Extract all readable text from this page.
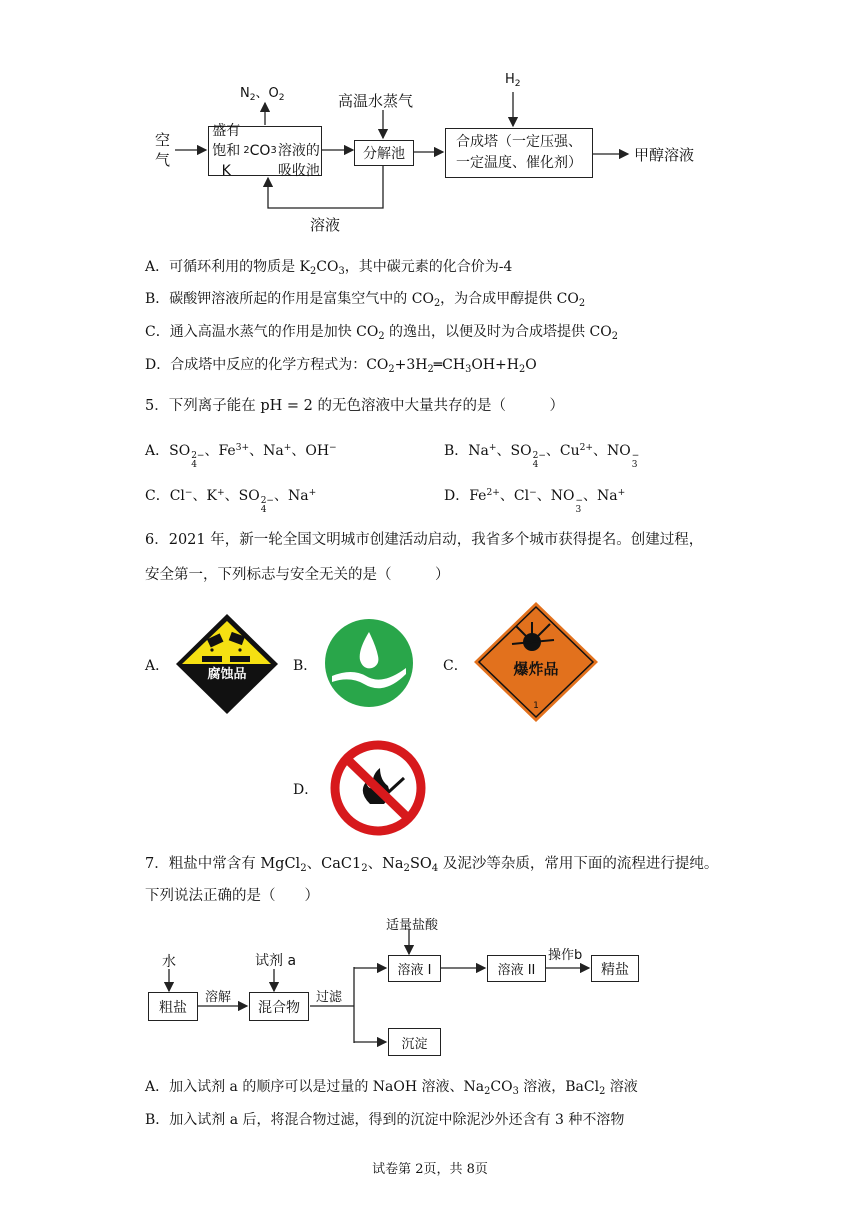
空
气
$N_2$、$O_2$
盛有饱和K
2 CO 3 溶液的吸收池
高温水蒸气
分解池
$H_2$
合成塔（一定压强、
一定温度、催化剂）	甲醇溶液
溶液
A．可循环利用的物质是 $K_2CO_3$，其中碳元素的化合价为-4
B．碳酸钾溶液所起的作用是富集空气中的 $CO_2$，为合成甲醇提供 $CO_2$
C．通入高温水蒸气的作用是加快 $CO_2$ 的逸出，以便及时为合成塔提供 $CO_2$
D．合成塔中反应的化学方程式为：$CO_2+3H_2═CH_3OH+H_2O$
5．下列离子能在 pH = 2 的无色溶液中大量共存的是（　　　）
A．SO 2−
4
、$Fe^{3+}$、Na+、OH−	B．Na+、SO 2−
4
、$Cu^{2+}$、NO −
3
C．Cl−、K+、SO 2−
4
、Na+	D．$Fe^{2+}$、Cl−、NO −
3
、Na+
6．2021 年，新一轮全国文明城市创建活动启动，我省多个城市获得提名。创建过程，
安全第一，下列标志与安全无关的是（　　　）
A．	B．	C．
D．
腐蚀品	爆炸品
1
7．粗盐中常含有 MgCl$_2$、$CaC1_2$、$Na_2SO_4$ 及泥沙等杂质，常用下面的流程进行提纯。
下列说法正确的是（　　）
水
粗盐
溶解
试剂 a
混合物
过滤
适量盐酸
溶液 I	溶液 II
操作b
精盐
沉淀
A．加入试剂 a 的顺序可以是过量的 NaOH 溶液、$Na_2CO_3$ 溶液，BaCl$_2$ 溶液
B．加入试剂 a 后，将混合物过滤，得到的沉淀中除泥沙外还含有 3 种不溶物
试卷第 2页，共 8页
